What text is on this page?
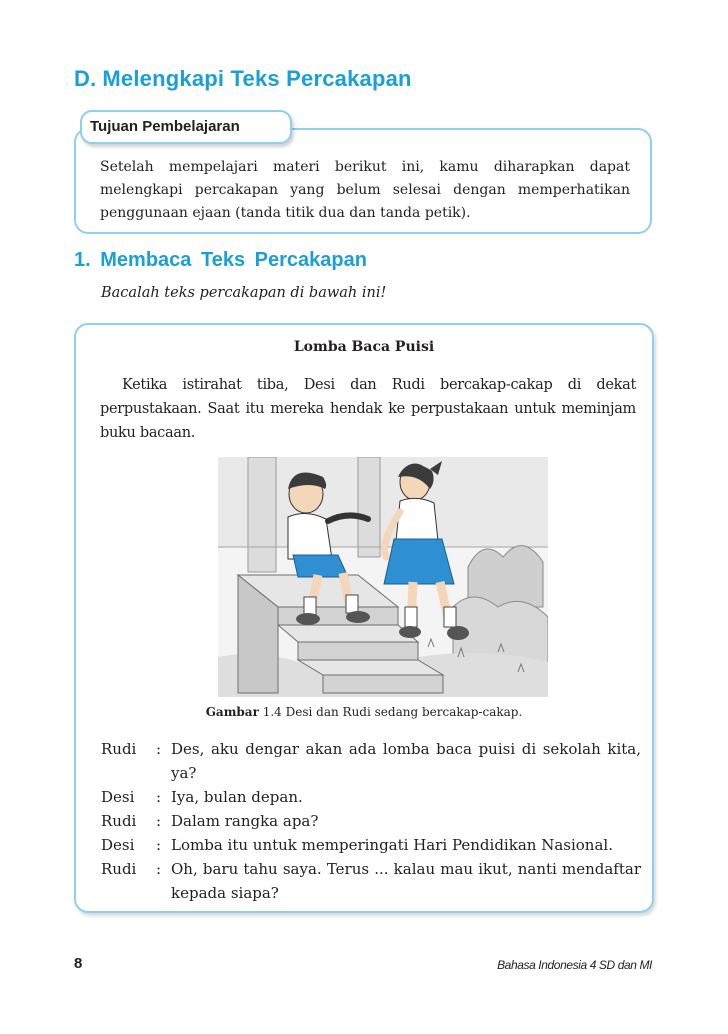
D. Melengkapi Teks Percakapan
Tujuan Pembelajaran

Setelah mempelajari materi berikut ini, kamu diharapkan dapat melengkapi percakapan yang belum selesai dengan memperhatikan penggunaan ejaan (tanda titik dua dan tanda petik).

1. Membaca Teks Percakapan

Bacalah teks percakapan di bawah ini!

Lomba Baca Puisi

Ketika istirahat tiba, Desi dan Rudi bercakap-cakap di dekat perpustakaan. Saat itu mereka hendak ke perpustakaan untuk meminjam buku bacaan.

Gambar 1.4 Desi dan Rudi sedang bercakap-cakap.

Rudi	: Des, aku dengar akan ada lomba baca puisi di sekolah kita, ya?
Desi	: Iya, bulan depan.
Rudi	: Dalam rangka apa?
Desi	: Lomba itu untuk memperingati Hari Pendidikan Nasional.
Rudi	: Oh, baru tahu saya. Terus ... kalau mau ikut, nanti mendaftar kepada siapa?
8	Bahasa Indonesia 4 SD dan MI
